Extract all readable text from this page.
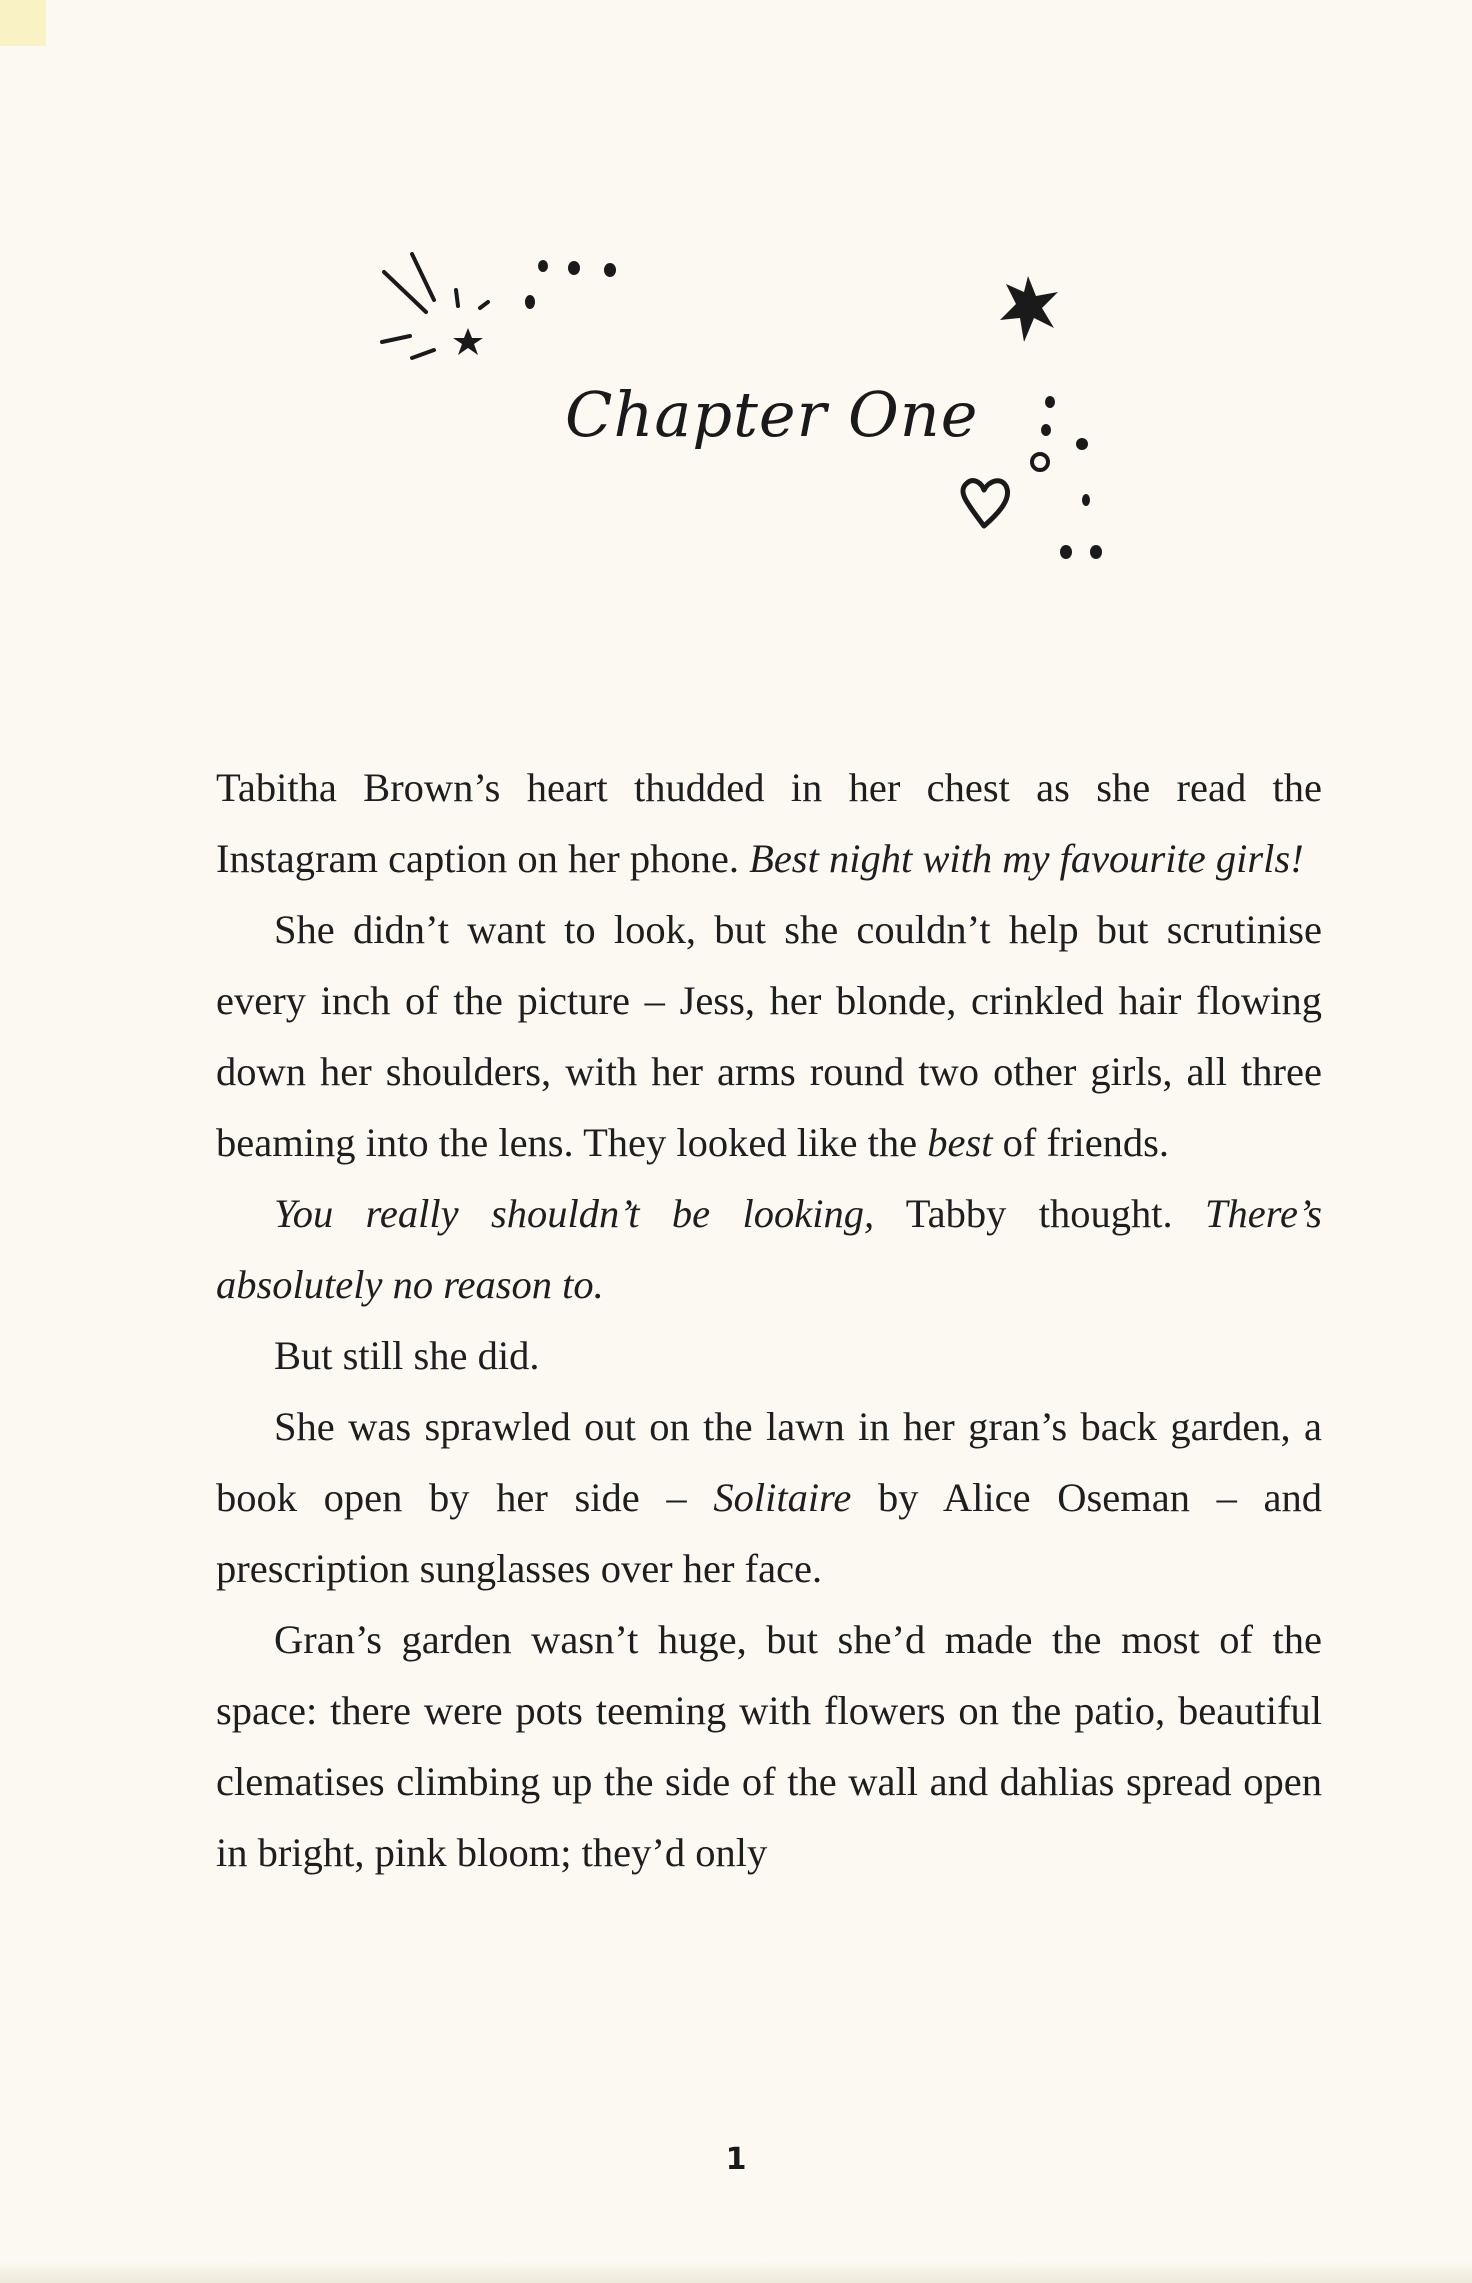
Chapter One

Tabitha Brown’s heart thudded in her chest as she read the Instagram caption on her phone. Best night with my favourite girls!

She didn’t want to look, but she couldn’t help but scrutinise every inch of the picture – Jess, her blonde, crinkled hair flowing down her shoulders, with her arms round two other girls, all three beaming into the lens. They looked like the best of friends.

You really shouldn’t be looking, Tabby thought. There’s absolutely no reason to.

But still she did.

She was sprawled out on the lawn in her gran’s back garden, a book open by her side – Solitaire by Alice Oseman – and prescription sunglasses over her face.

Gran’s garden wasn’t huge, but she’d made the most of the space: there were pots teeming with flowers on the patio, beautiful clematises climbing up the side of the wall and dahlias spread open in bright, pink bloom; they’d only

1
